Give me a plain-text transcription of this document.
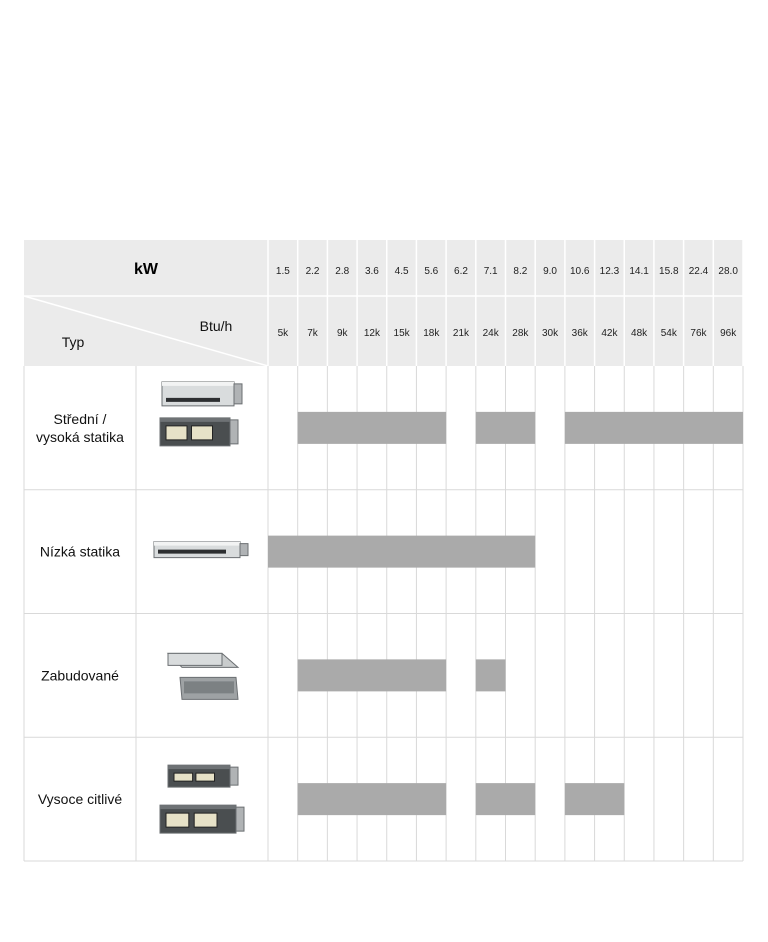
kW
Btu/h
Typ
1.5 2.2 2.8 3.6 4.5 5.6 6.2 7.1 8.2 9.0 10.6 12.3 14.1 15.8 22.4 28.0
5k 7k 9k 12k 15k 18k 21k 24k 28k 30k 36k 42k 48k 54k 76k 96k
Střední /
vysoká statika
Nízká statika
Zabudované
Vysoce citlivé
